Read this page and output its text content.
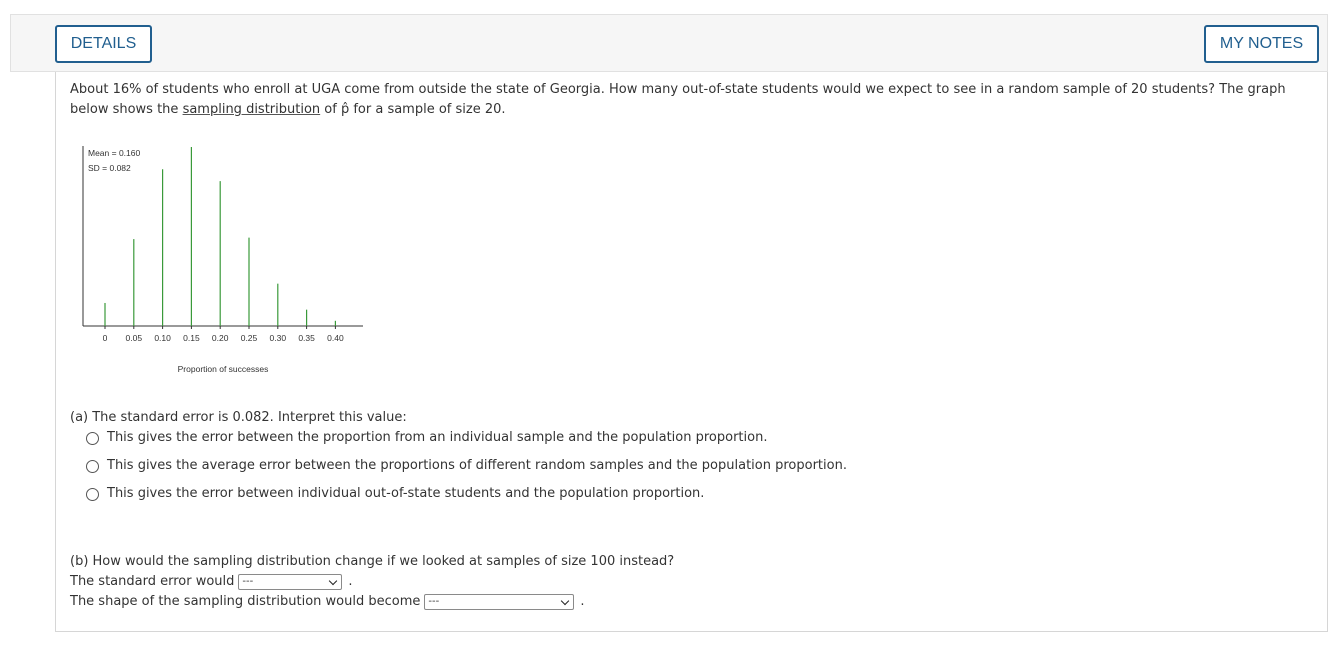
DETAILS	MY NOTES
About 16% of students who enroll at UGA come from outside the state of Georgia. How many out-of-state students would we expect to see in a random sample of 20 students? The graph below shows the sampling distribution of p̂ for a sample of size 20.
Mean = 0.160
SD = 0.082
0 0.05 0.10 0.15 0.20 0.25 0.30 0.35 0.40
Proportion of successes
(a) The standard error is 0.082. Interpret this value:
This gives the error between the proportion from an individual sample and the population proportion.
This gives the average error between the proportions of different random samples and the population proportion.
This gives the error between individual out-of-state students and the population proportion.
(b) How would the sampling distribution change if we looked at samples of size 100 instead?
The standard error would ---	.
The shape of the sampling distribution would become ---	.
